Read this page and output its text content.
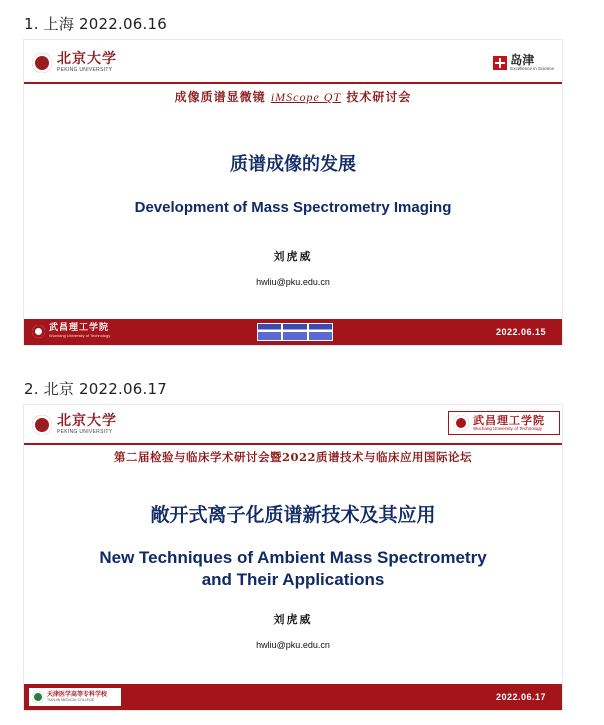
1. 上海 2022.06.16
北京大学
PEKING UNIVERSITY
岛津
Excellence in Science
成像质谱显微镜 iMScope QT 技术研讨会
质谱成像的发展
Development of Mass Spectrometry Imaging
刘虎威
hwliu@pku.edu.cn
武昌理工学院
Wuchang University of Technology	2022.06.15
2. 北京 2022.06.17
北京大学
PEKING UNIVERSITY
武昌理工学院
Wuchang University of Technology
第二届检验与临床学术研讨会暨2022质谱技术与临床应用国际论坛
敞开式离子化质谱新技术及其应用
New Techniques of Ambient Mass Spectrometry
and Their Applications
刘虎威
hwliu@pku.edu.cn
天津医学高等专科学校
TIANJIN MEDICAL COLLEGE	2022.06.17
